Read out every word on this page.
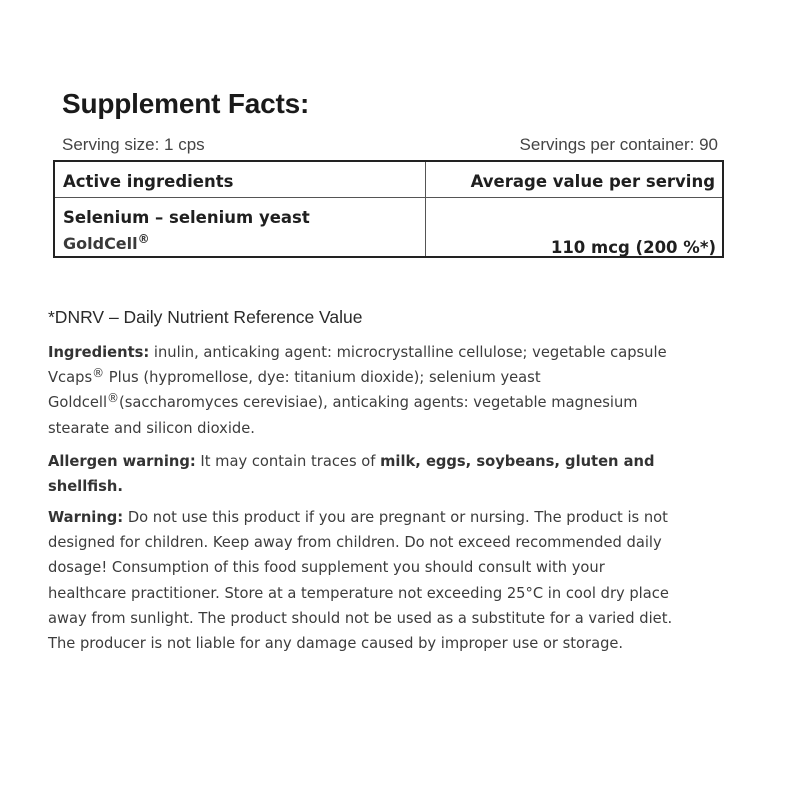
Supplement Facts:
Serving size: 1 cps	Servings per container: 90
Active ingredients	Average value per serving
Selenium – selenium yeast
GoldCell®	110 mcg (200 %*)
*DNRV – Daily Nutrient Reference Value
Ingredients: inulin, anticaking agent: microcrystalline cellulose; vegetable capsule
Vcaps® Plus (hypromellose, dye: titanium dioxide); selenium yeast
Goldcell®(saccharomyces cerevisiae), anticaking agents: vegetable magnesium
stearate and silicon dioxide.
Allergen warning: It may contain traces of milk, eggs, soybeans, gluten and
shellfish.
Warning: Do not use this product if you are pregnant or nursing. The product is not
designed for children. Keep away from children. Do not exceed recommended daily
dosage! Consumption of this food supplement you should consult with your
healthcare practitioner. Store at a temperature not exceeding 25°C in cool dry place
away from sunlight. The product should not be used as a substitute for a varied diet.
The producer is not liable for any damage caused by improper use or storage.
